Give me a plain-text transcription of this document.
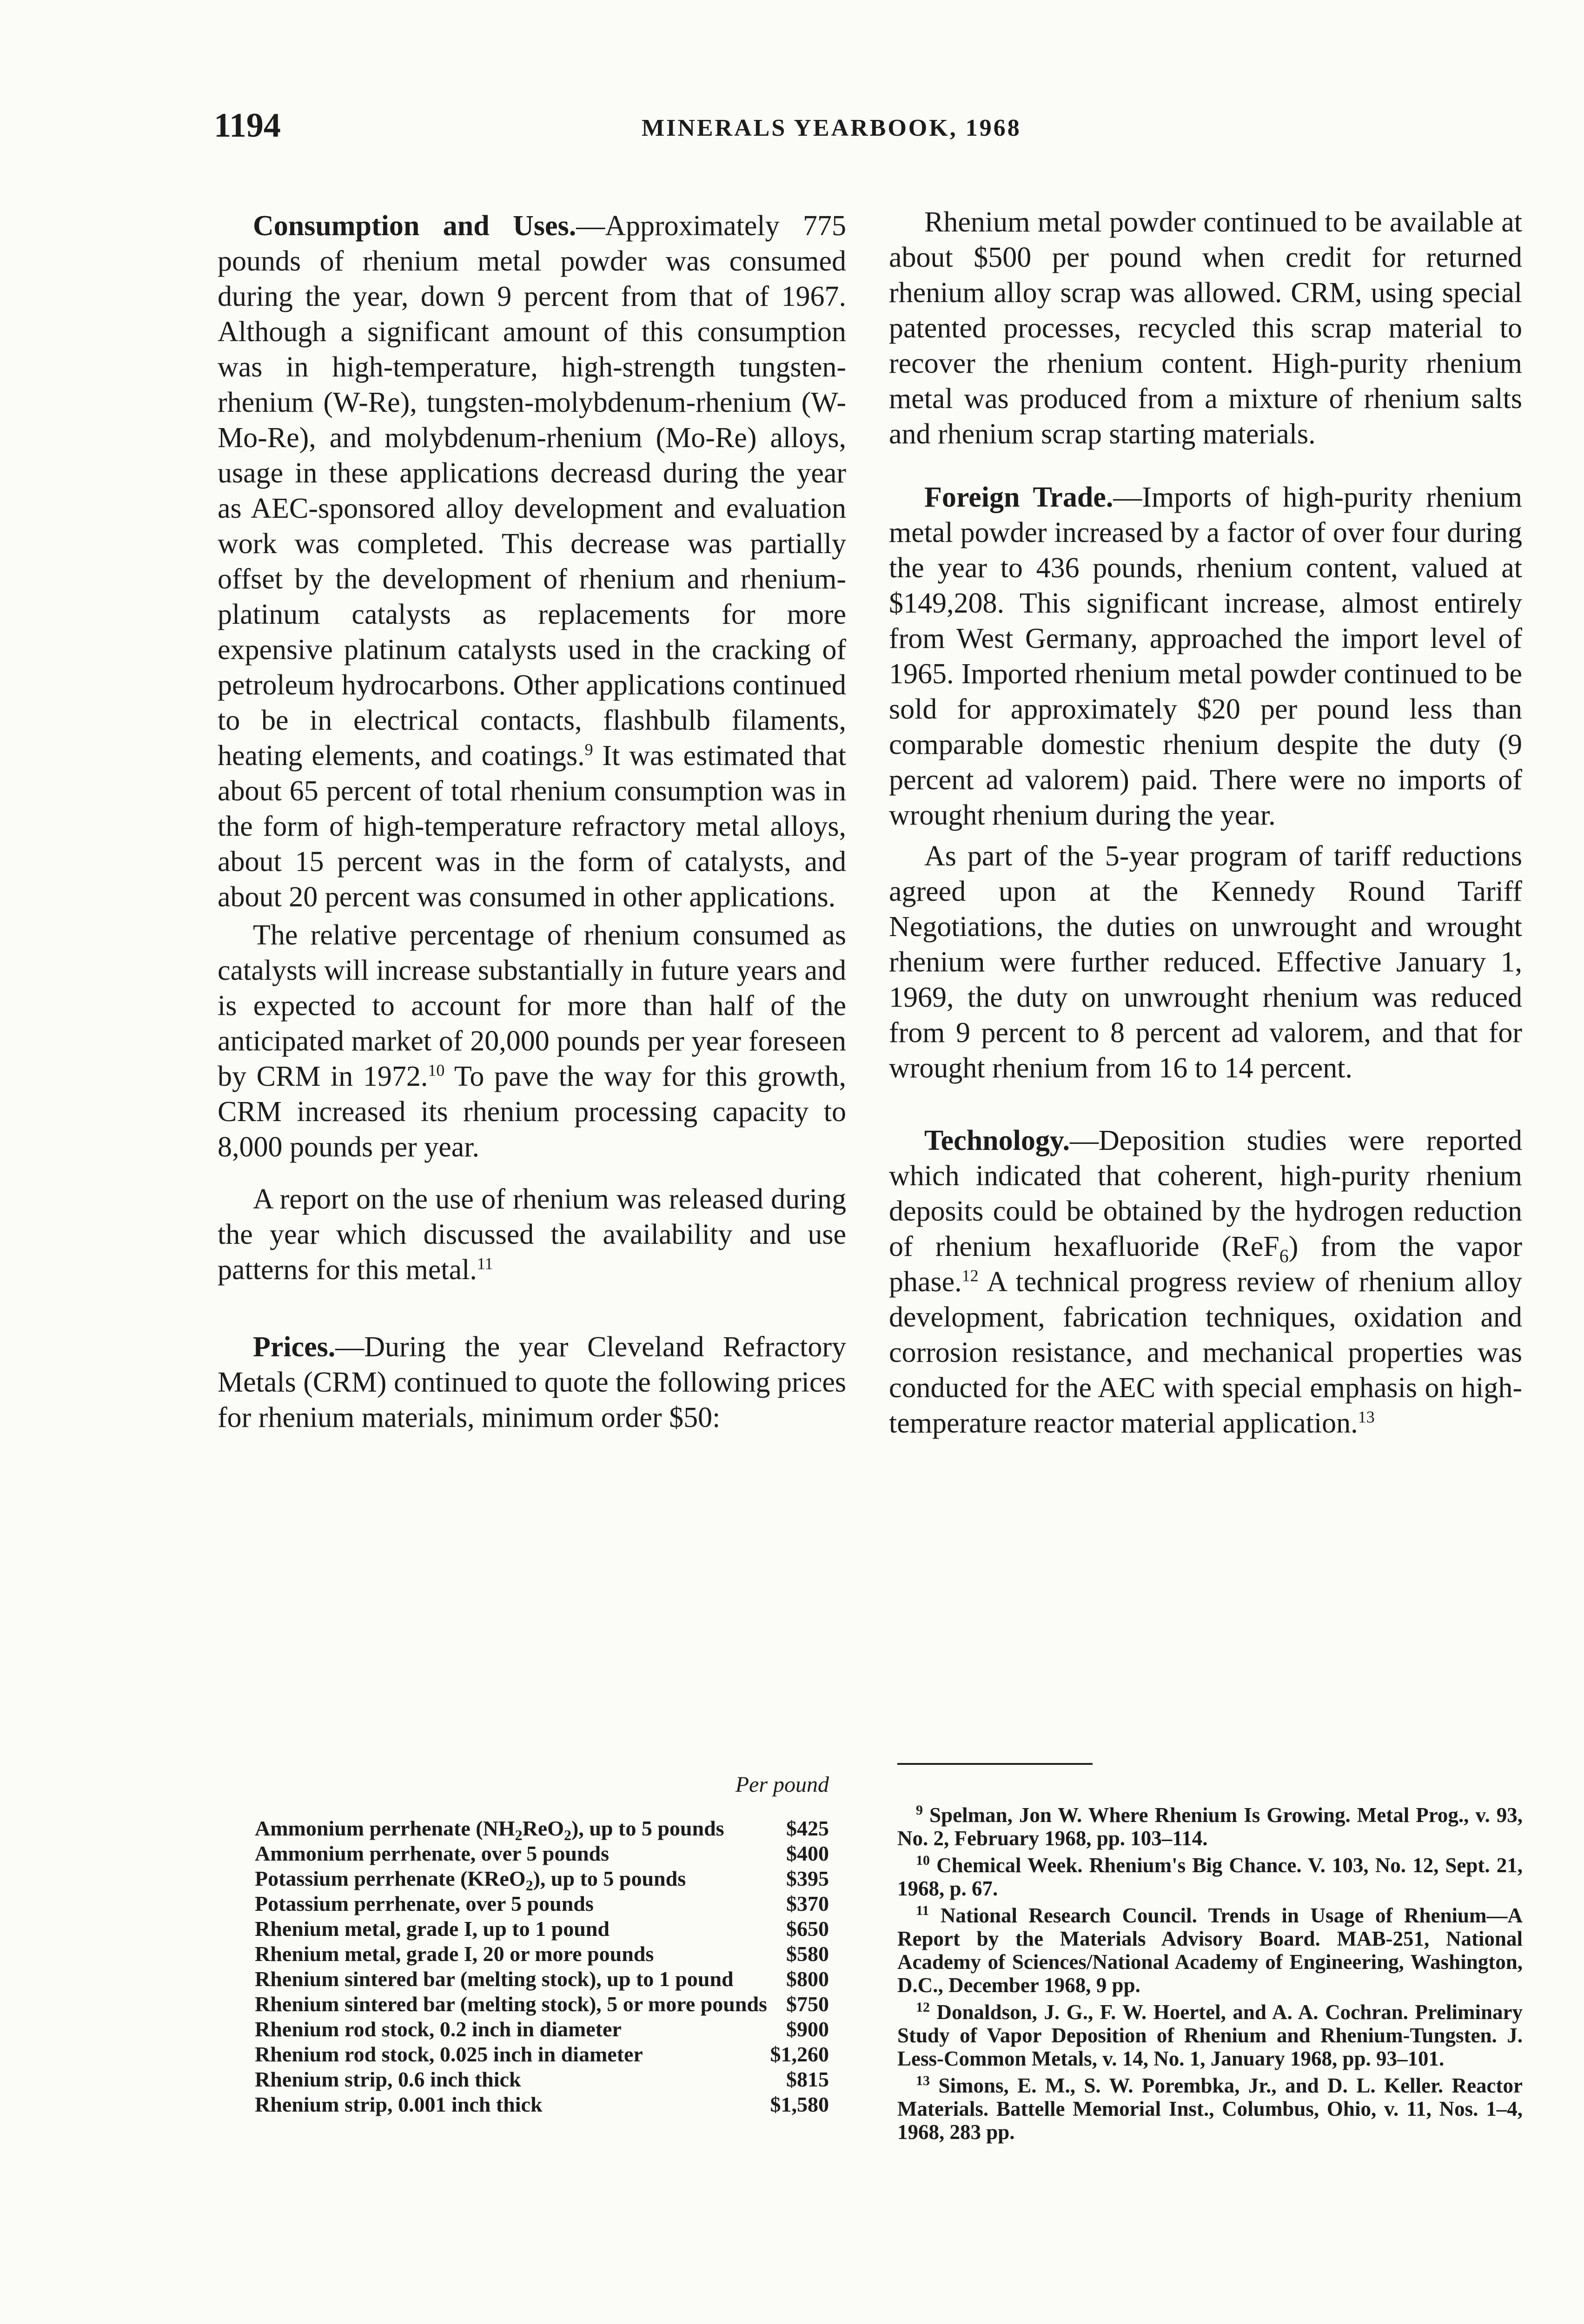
1194	MINERALS YEARBOOK, 1968

Consumption and Uses.—Approximately 775 pounds of rhenium metal powder was consumed during the year, down 9 percent from that of 1967. Although a significant amount of this consumption was in high-temperature, high-strength tungsten-rhenium (W-Re), tungsten-molybdenum-rhenium (W-Mo-Re), and molybdenum-rhenium (Mo-Re) alloys, usage in these applications decreasd during the year as AEC-sponsored alloy development and evaluation work was completed. This decrease was partially offset by the development of rhenium and rhenium-platinum catalysts as replacements for more expensive platinum catalysts used in the cracking of petroleum hydrocarbons. Other applications continued to be in electrical contacts, flashbulb filaments, heating elements, and coatings.$^9$ It was estimated that about 65 percent of total rhenium consumption was in the form of high-temperature refractory metal alloys, about 15 percent was in the form of catalysts, and about 20 percent was consumed in other applications.

The relative percentage of rhenium consumed as catalysts will increase substantially in future years and is expected to account for more than half of the anticipated market of 20,000 pounds per year foreseen by CRM in 1972.10 To pave the way for this growth, CRM increased its rhenium processing capacity to 8,000 pounds per year.

A report on the use of rhenium was released during the year which discussed the availability and use patterns for this metal.$^{11}$

Prices.—During the year Cleveland Refractory Metals (CRM) continued to quote the following prices for rhenium materials, minimum order $50:

Per pound
Ammonium perrhenate $(NH_2ReO_2)$, up to 5 pounds	$425
Ammonium perrhenate, over 5 pounds	$400
Potassium perrhenate (KReO$_2$), up to 5 pounds	$395
Potassium perrhenate, over 5 pounds	$370
Rhenium metal, grade I, up to 1 pound	$650
Rhenium metal, grade I, 20 or more pounds	$580
Rhenium sintered bar (melting stock), up to 1 pound	$800
Rhenium sintered bar (melting stock), 5 or more pounds $750
Rhenium rod stock, 0.2 inch in diameter	$900
Rhenium rod stock, 0.025 inch in diameter	$1,260
Rhenium strip, 0.6 inch thick	$815
Rhenium strip, 0.001 inch thick	$1,580

Rhenium metal powder continued to be available at about $500 per pound when credit for returned rhenium alloy scrap was allowed. CRM, using special patented processes, recycled this scrap material to recover the rhenium content. High-purity rhenium metal was produced from a mixture of rhenium salts and rhenium scrap starting materials.

Foreign Trade.—Imports of high-purity rhenium metal powder increased by a factor of over four during the year to 436 pounds, rhenium content, valued at $149,208. This significant increase, almost entirely from West Germany, approached the import level of 1965. Imported rhenium metal powder continued to be sold for approximately $20 per pound less than comparable domestic rhenium despite the duty (9 percent ad valorem) paid. There were no imports of wrought rhenium during the year.

As part of the 5-year program of tariff reductions agreed upon at the Kennedy Round Tariff Negotiations, the duties on unwrought and wrought rhenium were further reduced. Effective January 1, 1969, the duty on unwrought rhenium was reduced from 9 percent to 8 percent ad valorem, and that for wrought rhenium from 16 to 14 percent.

Technology.—Deposition studies were reported which indicated that coherent, high-purity rhenium deposits could be obtained by the hydrogen reduction of rhenium hexafluoride (ReF$_6$) from the vapor phase.$^{12}$ A technical progress review of rhenium alloy development, fabrication techniques, oxidation and corrosion resistance, and mechanical properties was conducted for the AEC with special emphasis on high-temperature reactor material application.$^{13}$

$^9$ Spelman, Jon W. Where Rhenium Is Growing. Metal Prog., v. 93, No. 2, February 1968, pp. 103–114.

$^{10}$ Chemical Week. Rhenium's Big Chance. V. 103, No. 12, Sept. 21, 1968, p. 67.

$^{11}$ National Research Council. Trends in Usage of Rhenium—A Report by the Materials Advisory Board. MAB-251, National Academy of Sciences/National Academy of Engineering, Washington, D.C., December 1968, 9 pp.

$^{12}$ Donaldson, J. G., F. W. Hoertel, and A. A. Cochran. Preliminary Study of Vapor Deposition of Rhenium and Rhenium-Tungsten. J. Less-Common Metals, v. 14, No. 1, January 1968, pp. 93–101.

$^{13}$ Simons, E. M., S. W. Porembka, Jr., and D. L. Keller. Reactor Materials. Battelle Memorial Inst., Columbus, Ohio, v. 11, Nos. 1–4, 1968, 283 pp.
